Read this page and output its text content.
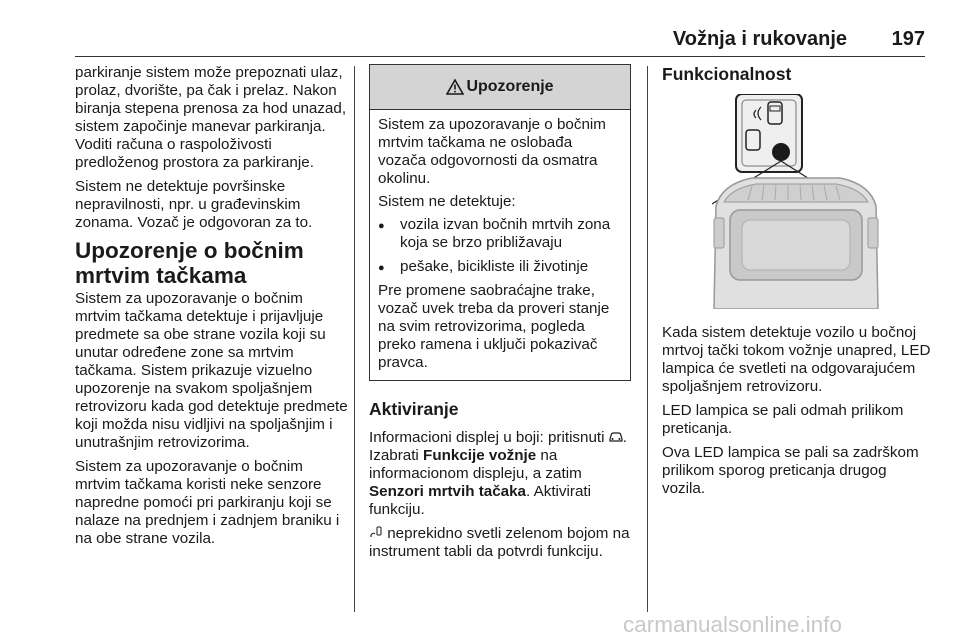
Vožnja i rukovanje 197

parkiranje sistem može prepoznati ulaz, prolaz, dvorište, pa čak i prelaz. Nakon biranja stepena prenosa za hod unazad, sistem započinje manevar parkiranja. Voditi računa o raspoloživosti predloženog prostora za parkiranje.

Sistem ne detektuje površinske nepravilnosti, npr. u građevinskim zonama. Vozač je odgovoran za to.

Upozorenje o bočnim mrtvim tačkama

Sistem za upozoravanje o bočnim mrtvim tačkama detektuje i prijavljuje predmete sa obe strane vozila koji su unutar određene zone sa mrtvim tačkama. Sistem prikazuje vizuelno upozorenje na svakom spoljašnjem retrovizoru kada god detektuje predmete koji možda nisu vidljivi na spoljašnjim i unutrašnjim retrovizorima.

Sistem za upozoravanje o bočnim mrtvim tačkama koristi neke senzore napredne pomoći pri parkiranju koji se nalaze na prednjem i zadnjem braniku i na obe strane vozila.

Upozorenje

Sistem za upozoravanje o bočnim mrtvim tačkama ne oslobađa vozača odgovornosti da osmatra okolinu.

Sistem ne detektuje:

● vozila izvan bočnih mrtvih zona koja se brzo približavaju
● pešake, bicikliste ili životinje

Pre promene saobraćajne trake, vozač uvek treba da proveri stanje na svim retrovizorima, pogleda preko ramena i uključi pokazivač pravca.

Aktiviranje

Informacioni displej u boji: pritisnuti . Izabrati Funkcije vožnje na informacionom displeju, a zatim Senzori mrtvih tačaka. Aktivirati funkciju.

neprekidno svetli zelenom bojom na instrument tabli da potvrdi funkciju.

Funkcionalnost

Kada sistem detektuje vozilo u bočnoj mrtvoj tački tokom vožnje unapred, LED lampica će svetleti na odgovarajućem spoljašnjem retrovizoru.

LED lampica se pali odmah prilikom preticanja.

Ova LED lampica se pali sa zadrškom prilikom sporog preticanja drugog vozila.

carmanualsonline.info
